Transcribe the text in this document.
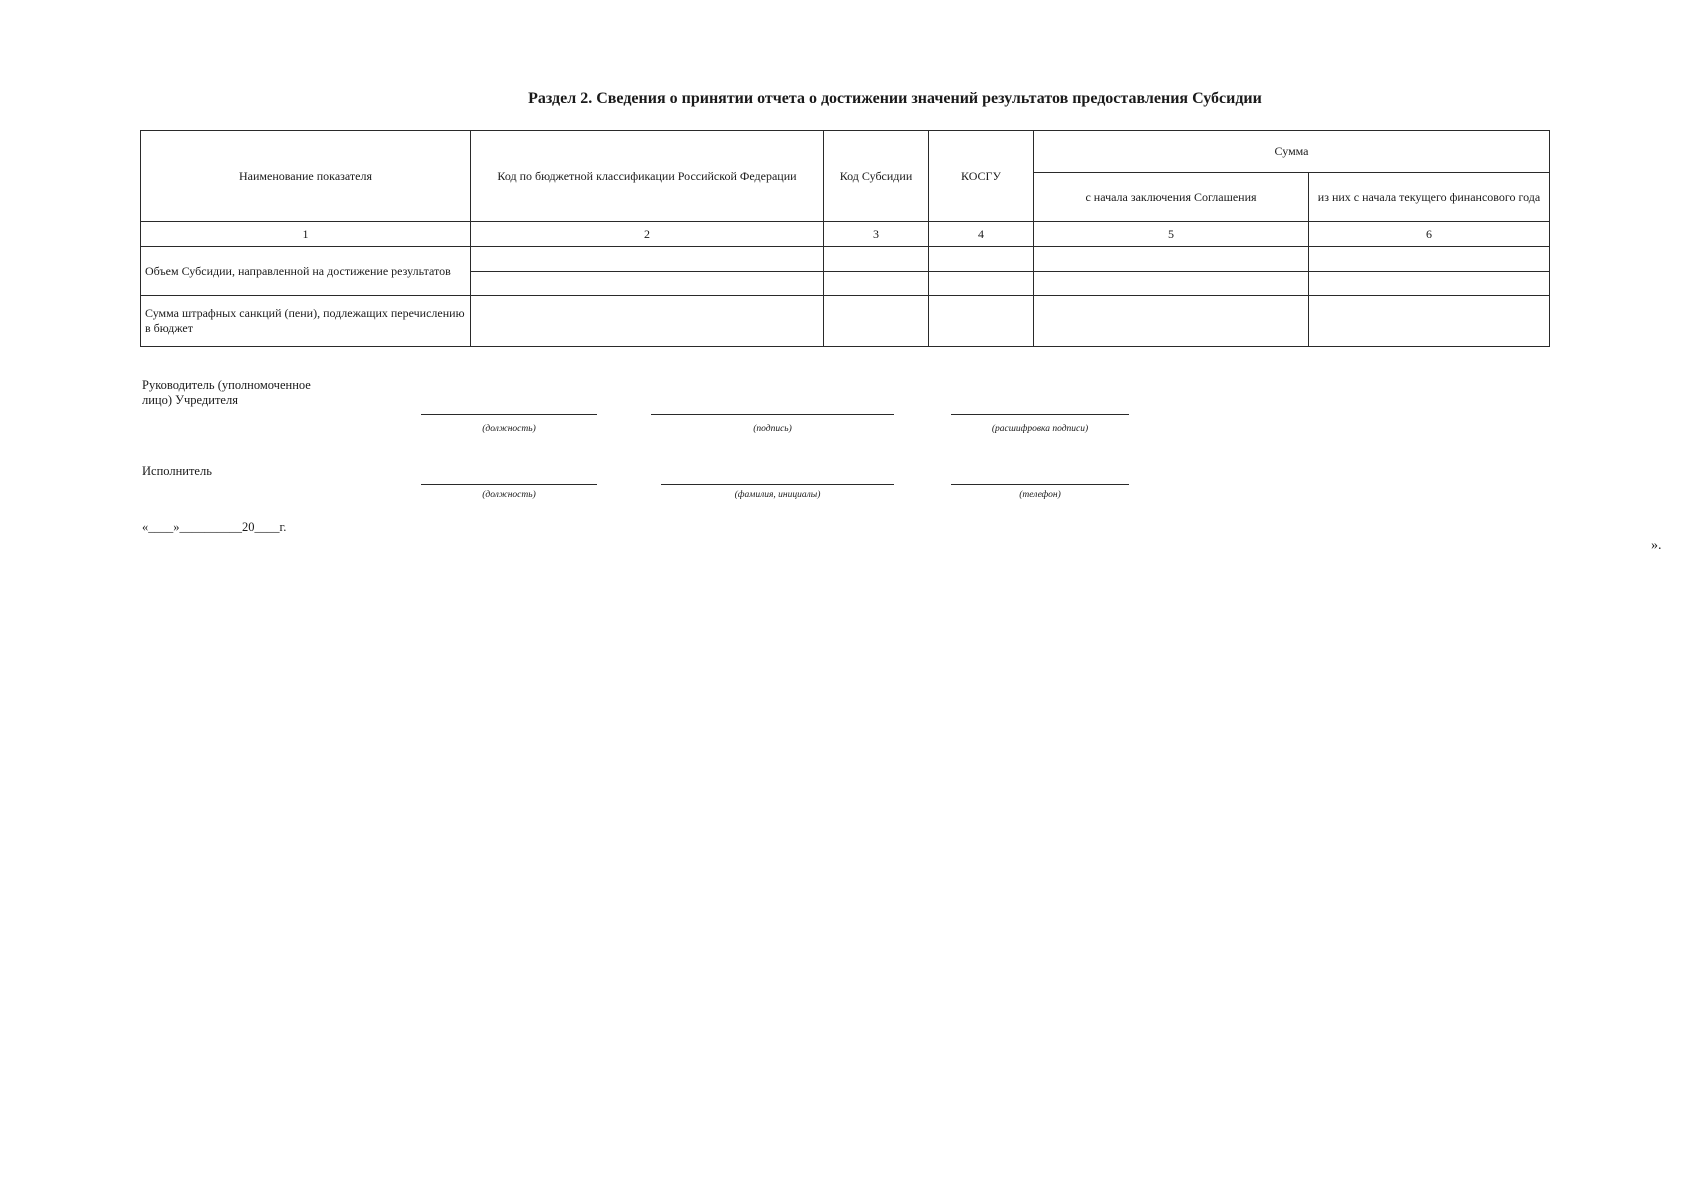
Раздел 2. Сведения о принятии отчета о достижении значений результатов предоставления Субсидии
Наименование показателя	Код по бюджетной классификации Российской Федерации	Код Субсидии	КОСГУ	Сумма	
				с начала заключения Соглашения	из них с начала текущего финансового года
1	2	3	4	5	6
Объем Субсидии, направленной на достижение результатов	

Сумма штрафных санкций (пени), подлежащих перечислению в бюджет					
Руководитель (уполномоченное лицо) Учредителя
(должность)	(подпись)	(расшифровка подписи)
Исполнитель
(должность)	(фамилия, инициалы)	(телефон)
«____»__________20____г.
».
